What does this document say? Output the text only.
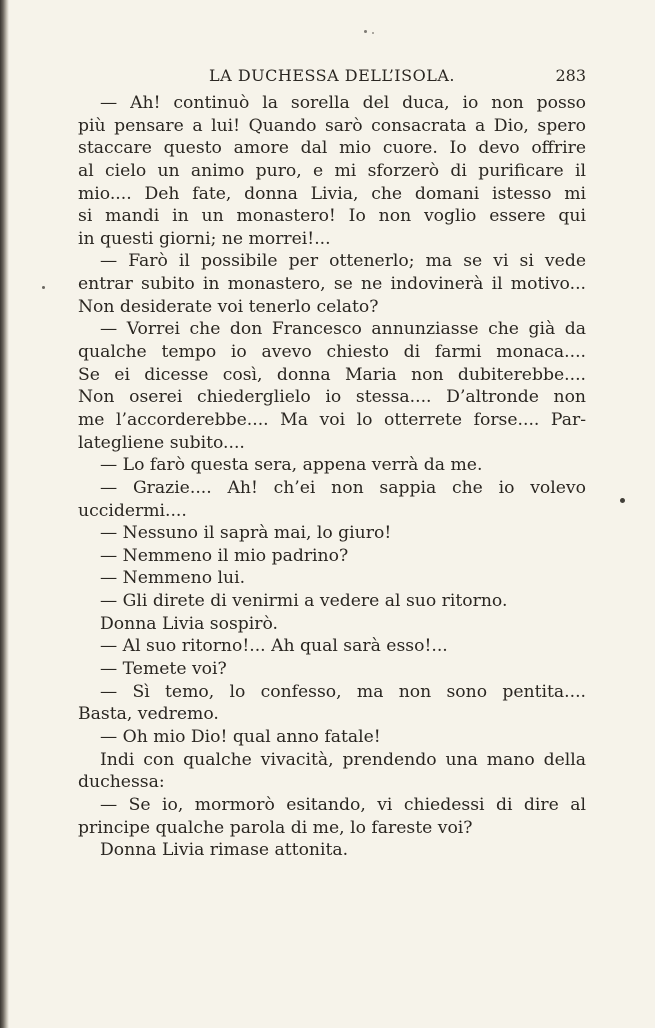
LA DUCHESSA DELL’ISOLA.	283
— Ah! continuò la sorella del duca, io non posso
più pensare a lui! Quando sarò consacrata a Dio, spero
staccare questo amore dal mio cuore. Io devo offrire
al cielo un animo puro, e mi sforzerò di purificare il
mio.... Deh fate, donna Livia, che domani istesso mi
si mandi in un monastero! Io non voglio essere qui
in questi giorni; ne morrei!...
— Farò il possibile per ottenerlo; ma se vi si vede
entrar subito in monastero, se ne indovinerà il motivo...
Non desiderate voi tenerlo celato?
— Vorrei che don Francesco annunziasse che già da
qualche tempo io avevo chiesto di farmi monaca....
Se ei dicesse così, donna Maria non dubiterebbe....
Non oserei chiederglielo io stessa.... D’altronde non
me l’accorderebbe.... Ma voi lo otterrete forse.... Par-
lategliene subito....
— Lo farò questa sera, appena verrà da me.
— Grazie.... Ah! ch’ei non sappia che io volevo
uccidermi....
— Nessuno il saprà mai, lo giuro!
— Nemmeno il mio padrino?
— Nemmeno lui.
— Gli direte di venirmi a vedere al suo ritorno.
Donna Livia sospirò.
— Al suo ritorno!... Ah qual sarà esso!...
— Temete voi?
— Sì temo, lo confesso, ma non sono pentita....
Basta, vedremo.
— Oh mio Dio! qual anno fatale!
Indi con qualche vivacità, prendendo una mano della
duchessa:
— Se io, mormorò esitando, vi chiedessi di dire al
principe qualche parola di me, lo fareste voi?
Donna Livia rimase attonita.
